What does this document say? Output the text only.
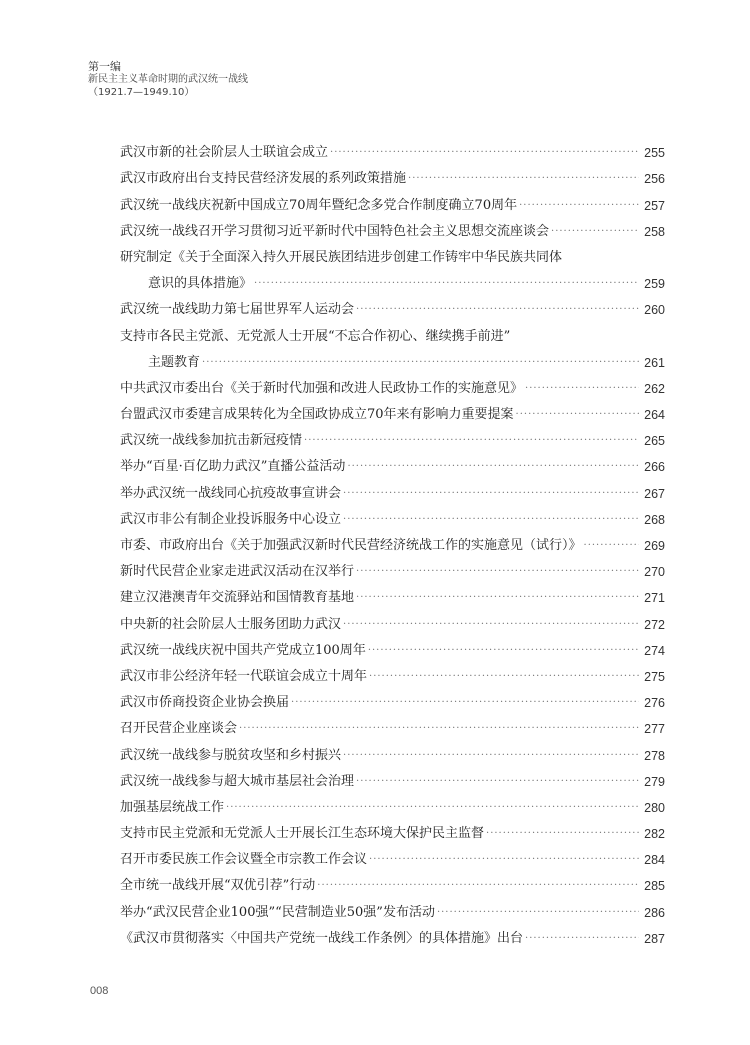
第一编
新民主主义革命时期的武汉统一战线
（1921.7—1949.10）
武汉市新的社会阶层人士联谊会成立 ·····	255
武汉市政府出台支持民营经济发展的系列政策措施 ·····	256
武汉统一战线庆祝新中国成立70周年暨纪念多党合作制度确立70周年 ·····	257
武汉统一战线召开学习贯彻习近平新时代中国特色社会主义思想交流座谈会 ·····	258
研究制定《关于全面深入持久开展民族团结进步创建工作铸牢中华民族共同体
意识的具体措施》 ·····	259
武汉统一战线助力第七届世界军人运动会 ·····	260
支持市各民主党派、无党派人士开展“不忘合作初心、继续携手前进”
主题教育 ·····	261
中共武汉市委出台《关于新时代加强和改进人民政协工作的实施意见》 ·····	262
台盟武汉市委建言成果转化为全国政协成立70年来有影响力重要提案 ·····	264
武汉统一战线参加抗击新冠疫情 ·····	265
举办“百星·百亿助力武汉”直播公益活动 ·····	266
举办武汉统一战线同心抗疫故事宣讲会 ·····	267
武汉市非公有制企业投诉服务中心设立 ·····	268
市委、市政府出台《关于加强武汉新时代民营经济统战工作的实施意见（试行）》 ·····	269
新时代民营企业家走进武汉活动在汉举行 ·····	270
建立汉港澳青年交流驿站和国情教育基地 ·····	271
中央新的社会阶层人士服务团助力武汉 ·····	272
武汉统一战线庆祝中国共产党成立100周年 ·····	274
武汉市非公经济年轻一代联谊会成立十周年 ·····	275
武汉市侨商投资企业协会换届 ·····	276
召开民营企业座谈会 ·····	277
武汉统一战线参与脱贫攻坚和乡村振兴 ·····	278
武汉统一战线参与超大城市基层社会治理 ·····	279
加强基层统战工作 ·····	280
支持市民主党派和无党派人士开展长江生态环境大保护民主监督 ·····	282
召开市委民族工作会议暨全市宗教工作会议 ·····	284
全市统一战线开展“双优引荐”行动 ·····	285
举办“武汉民营企业100强”“民营制造业50强”发布活动 ·····	286
《武汉市贯彻落实〈中国共产党统一战线工作条例〉的具体措施》出台 ·····	287
008
